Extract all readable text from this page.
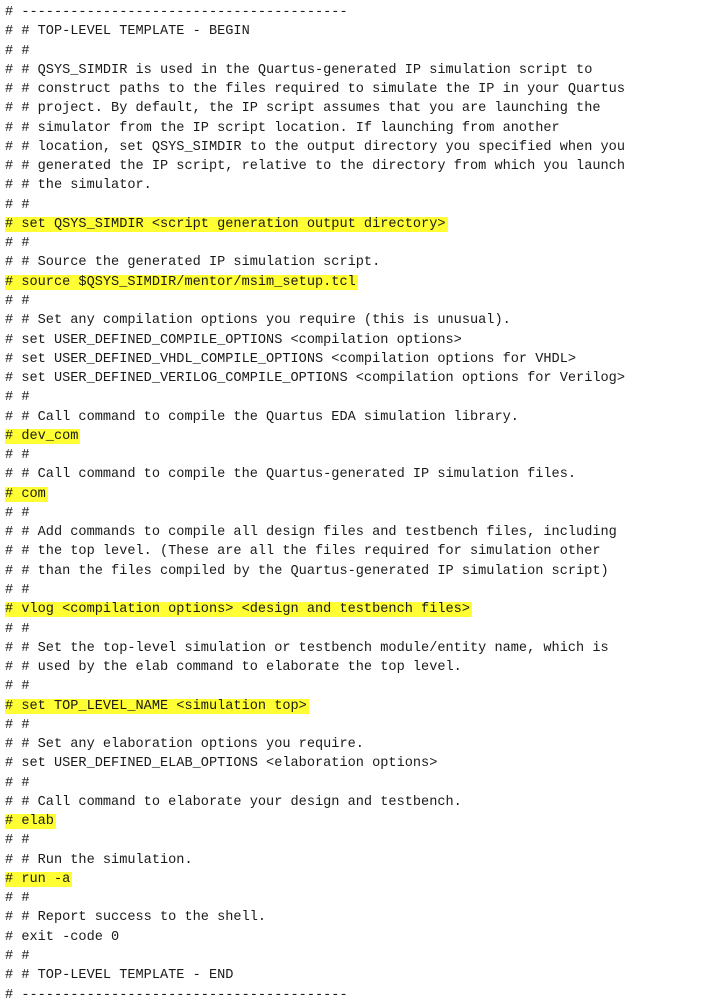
# ----------------------------------------
# # TOP-LEVEL TEMPLATE - BEGIN
# #
# # QSYS_SIMDIR is used in the Quartus-generated IP simulation script to
# # construct paths to the files required to simulate the IP in your Quartus
# # project. By default, the IP script assumes that you are launching the
# # simulator from the IP script location. If launching from another
# # location, set QSYS_SIMDIR to the output directory you specified when you
# # generated the IP script, relative to the directory from which you launch
# # the simulator.
# #
# set QSYS_SIMDIR <script generation output directory>
# #
# # Source the generated IP simulation script.
# source $QSYS_SIMDIR/mentor/msim_setup.tcl
# #
# # Set any compilation options you require (this is unusual).
# set USER_DEFINED_COMPILE_OPTIONS <compilation options>
# set USER_DEFINED_VHDL_COMPILE_OPTIONS <compilation options for VHDL>
# set USER_DEFINED_VERILOG_COMPILE_OPTIONS <compilation options for Verilog>
# #
# # Call command to compile the Quartus EDA simulation library.
# dev_com
# #
# # Call command to compile the Quartus-generated IP simulation files.
# com
# #
# # Add commands to compile all design files and testbench files, including
# # the top level. (These are all the files required for simulation other
# # than the files compiled by the Quartus-generated IP simulation script)
# #
# vlog <compilation options> <design and testbench files>
# #
# # Set the top-level simulation or testbench module/entity name, which is
# # used by the elab command to elaborate the top level.
# #
# set TOP_LEVEL_NAME <simulation top>
# #
# # Set any elaboration options you require.
# set USER_DEFINED_ELAB_OPTIONS <elaboration options>
# #
# # Call command to elaborate your design and testbench.
# elab
# #
# # Run the simulation.
# run -a
# #
# # Report success to the shell.
# exit -code 0
# #
# # TOP-LEVEL TEMPLATE - END
# ----------------------------------------
